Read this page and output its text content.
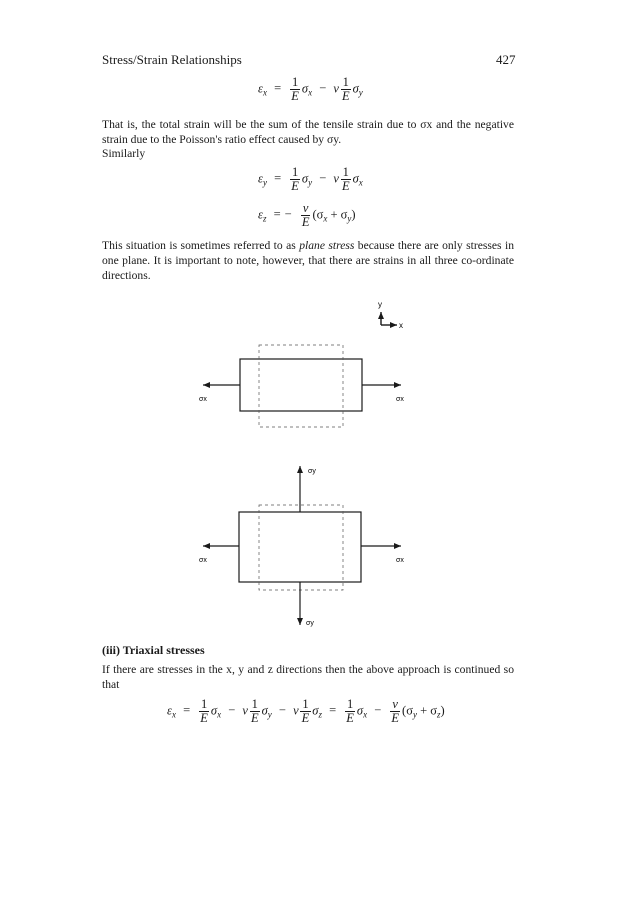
Stress/Strain Relationships	427
$\varepsilon_x = \frac{1}{E} \sigma_x - \nu \frac{1}{E} \sigma_y$
That is, the total strain will be the sum of the tensile strain due to σx and the negative strain due to the Poisson's ratio effect caused by σy.
Similarly
$\varepsilon_y = \frac{1}{E} \sigma_y - \nu \frac{1}{E} \sigma_x$
$\varepsilon_z$ = − $\frac{\nu}{E} (\sigma_x + \sigma_y)$
This situation is sometimes referred to as plane stress because there are only stresses in one plane. It is important to note, however, that there are strains in all three co-ordinate directions.
y
x
σx	σx
σx	σx
σy
σy
(iii) Triaxial stresses
If there are stresses in the x, y and z directions then the above approach is continued so that
$\varepsilon_x = \frac{1}{E} \sigma_x - \nu \frac{1}{E} \sigma_y - \nu \frac{1}{E} \sigma_z = \frac{1}{E} \sigma_x - \frac{\nu}{E} (\sigma_y + \sigma_z)$
